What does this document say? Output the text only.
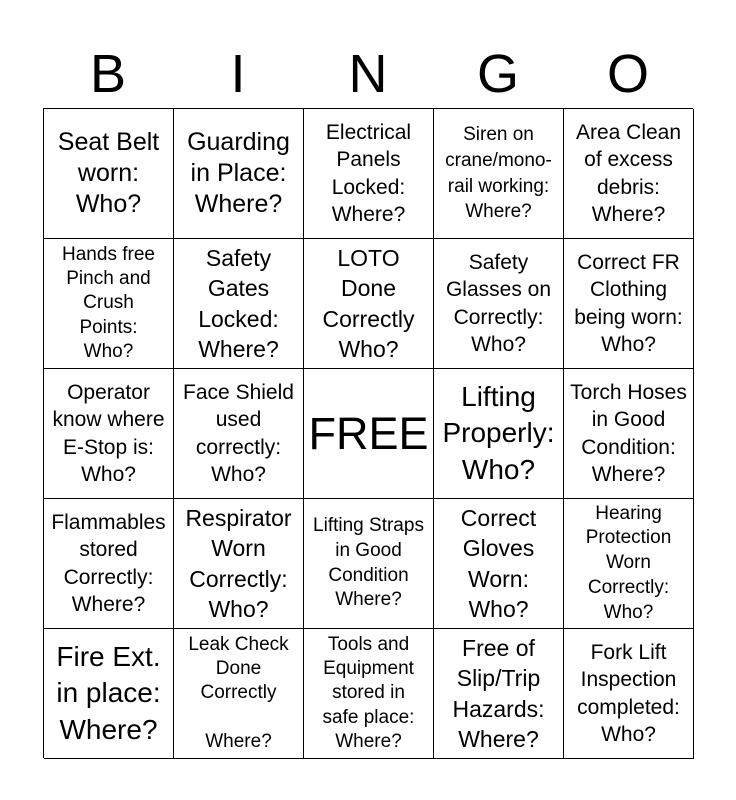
B	I	N	G	O
Seat Belt
worn:
Who?
Guarding
in Place:
Where?
Electrical
Panels
Locked:
Where?
Siren on
crane/mono-
rail working:
Where?
Area Clean
of excess
debris:
Where?
Hands free
Pinch and
Crush
Points:
Who?
Safety
Gates
Locked:
Where?
LOTO
Done
Correctly
Who?
Safety
Glasses on
Correctly:
Who?
Correct FR
Clothing
being worn:
Who?
Operator
know where
E-Stop is:
Who?
Face Shield
used
correctly:
Who?
FREE
Lifting
Properly:
Who?
Torch Hoses
in Good
Condition:
Where?
Flammables
stored
Correctly:
Where?
Respirator
Worn
Correctly:
Who?
Lifting Straps
in Good
Condition
Where?
Correct
Gloves
Worn:
Who?
Hearing
Protection
Worn
Correctly:
Who?
Fire Ext.
in place:
Where?
Leak Check
Done
Correctly

Where?
Tools and
Equipment
stored in
safe place:
Where?
Free of
Slip/Trip
Hazards:
Where?
Fork Lift
Inspection
completed:
Who?
